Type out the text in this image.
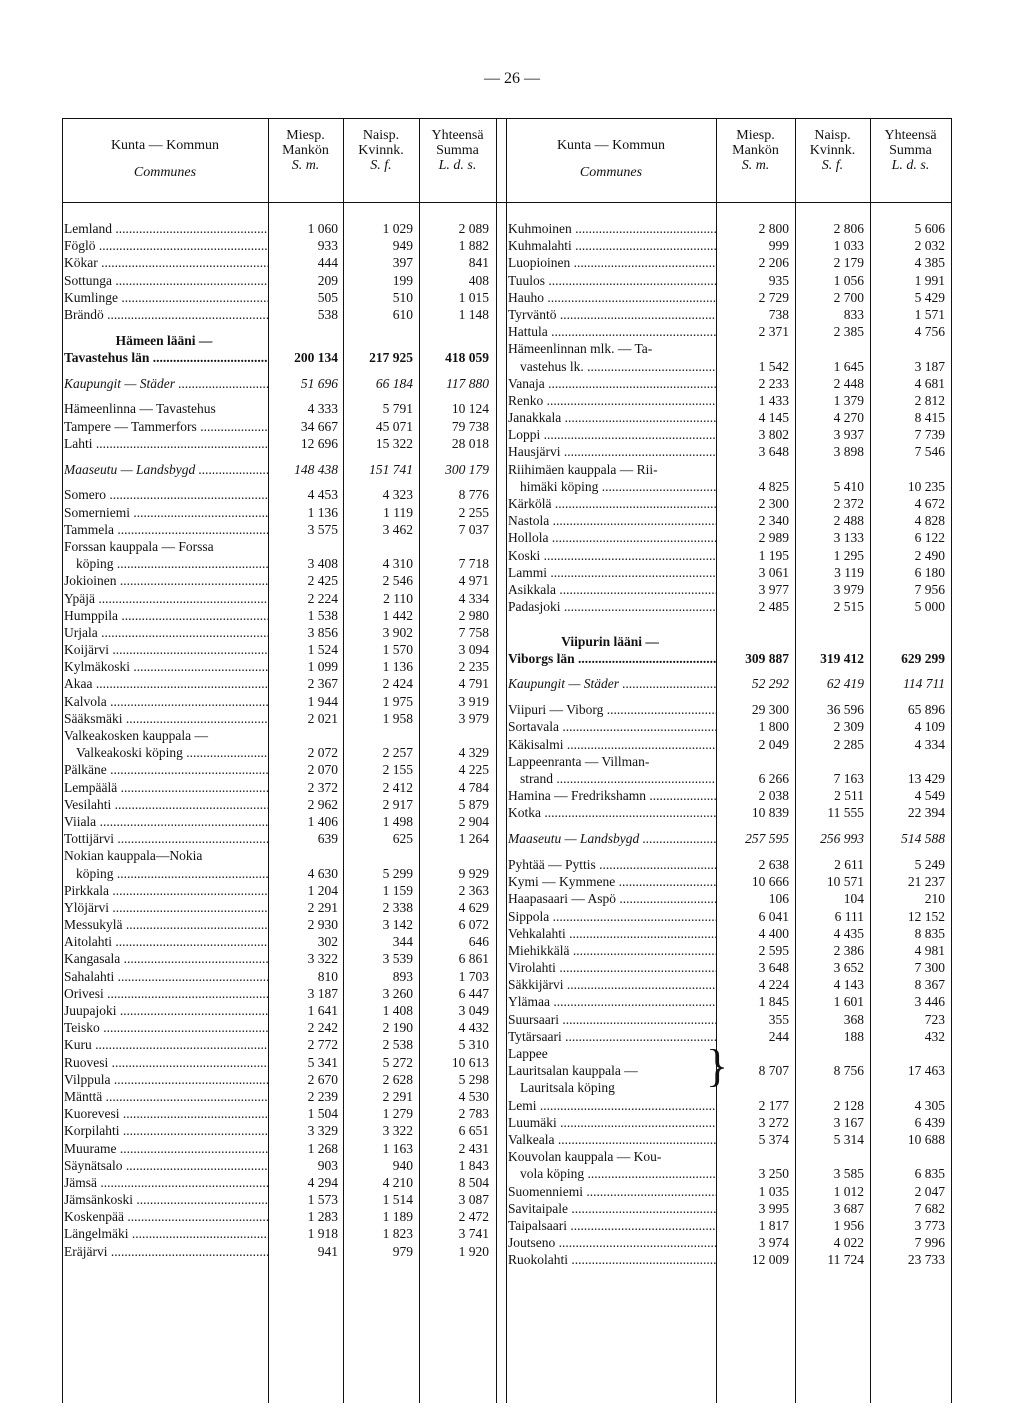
— 26 —
Kunta — Kommun
Communes
Miesp.
Mankön
S. m.
Naisp.
Kvinnk.
S. f.
Yhteensä
Summa
L. d. s.
Kunta — Kommun
Communes
Miesp.
Mankön
S. m.
Naisp.
Kvinnk.
S. f.
Yhteensä
Summa
L. d. s.
Lemland .....	1 060	1 029	2 089
Föglö .....	933	949	1 882
Kökar .....	444	397	841
Sottunga .....	209	199	408
Kumlinge .....	505	510	1 015
Brändö .....	538	610	1 148
Hämeen lääni —
Tavastehus län .....	200 134	217 925	418 059
Kaupungit — Städer .....	51 696	66 184	117 880
Hämeenlinna — Tavastehus	4 333	5 791	10 124
Tampere — Tammerfors .....	34 667	45 071	79 738
Lahti .....	12 696	15 322	28 018
Maaseutu — Landsbygd .....	148 438	151 741	300 179
Somero .....	4 453	4 323	8 776
Somerniemi .....	1 136	1 119	2 255
Tammela .....	3 575	3 462	7 037
Forssan kauppala — Forssa
köping .....	3 408	4 310	7 718
Jokioinen .....	2 425	2 546	4 971
Ypäjä .....	2 224	2 110	4 334
Humppila .....	1 538	1 442	2 980
Urjala .....	3 856	3 902	7 758
Koijärvi .....	1 524	1 570	3 094
Kylmäkoski .....	1 099	1 136	2 235
Akaa .....	2 367	2 424	4 791
Kalvola .....	1 944	1 975	3 919
Sääksmäki .....	2 021	1 958	3 979
Valkeakosken kauppala —
Valkeakoski köping .....	2 072	2 257	4 329
Pälkäne .....	2 070	2 155	4 225
Lempäälä .....	2 372	2 412	4 784
Vesilahti .....	2 962	2 917	5 879
Viiala .....	1 406	1 498	2 904
Tottijärvi .....	639	625	1 264
Nokian kauppala—Nokia
köping .....	4 630	5 299	9 929
Pirkkala .....	1 204	1 159	2 363
Ylöjärvi .....	2 291	2 338	4 629
Messukylä .....	2 930	3 142	6 072
Aitolahti .....	302	344	646
Kangasala .....	3 322	3 539	6 861
Sahalahti .....	810	893	1 703
Orivesi .....	3 187	3 260	6 447
Juupajoki .....	1 641	1 408	3 049
Teisko .....	2 242	2 190	4 432
Kuru .....	2 772	2 538	5 310
Ruovesi .....	5 341	5 272	10 613
Vilppula .....	2 670	2 628	5 298
Mänttä .....	2 239	2 291	4 530
Kuorevesi .....	1 504	1 279	2 783
Korpilahti .....	3 329	3 322	6 651
Muurame .....	1 268	1 163	2 431
Säynätsalo .....	903	940	1 843
Jämsä .....	4 294	4 210	8 504
Jämsänkoski .....	1 573	1 514	3 087
Koskenpää .....	1 283	1 189	2 472
Längelmäki .....	1 918	1 823	3 741
Eräjärvi .....	941	979	1 920
Kuhmoinen .....	2 800	2 806	5 606
Kuhmalahti .....	999	1 033	2 032
Luopioinen .....	2 206	2 179	4 385
Tuulos .....	935	1 056	1 991
Hauho .....	2 729	2 700	5 429
Tyrväntö .....	738	833	1 571
Hattula .....	2 371	2 385	4 756
Hämeenlinnan mlk. — Ta-
vastehus lk. .....	1 542	1 645	3 187
Vanaja .....	2 233	2 448	4 681
Renko .....	1 433	1 379	2 812
Janakkala .....	4 145	4 270	8 415
Loppi .....	3 802	3 937	7 739
Hausjärvi .....	3 648	3 898	7 546
Riihimäen kauppala — Rii-
himäki köping .....	4 825	5 410	10 235
Kärkölä .....	2 300	2 372	4 672
Nastola .....	2 340	2 488	4 828
Hollola .....	2 989	3 133	6 122
Koski .....	1 195	1 295	2 490
Lammi .....	3 061	3 119	6 180
Asikkala .....	3 977	3 979	7 956
Padasjoki .....	2 485	2 515	5 000
Viipurin lääni —
Viborgs län .....	309 887	319 412	629 299
Kaupungit — Städer .....	52 292	62 419	114 711
Viipuri — Viborg .....	29 300	36 596	65 896
Sortavala .....	1 800	2 309	4 109
Käkisalmi .....	2 049	2 285	4 334
Lappeenranta — Villman-
strand .....	6 266	7 163	13 429
Hamina — Fredrikshamn .....	2 038	2 511	4 549
Kotka .....	10 839	11 555	22 394
Maaseutu — Landsbygd .....	257 595	256 993	514 588
Pyhtää — Pyttis .....	2 638	2 611	5 249
Kymi — Kymmene .....	10 666	10 571	21 237
Haapasaari — Aspö .....	106	104	210
Sippola .....	6 041	6 111	12 152
Vehkalahti .....	4 400	4 435	8 835
Miehikkälä .....	2 595	2 386	4 981
Virolahti .....	3 648	3 652	7 300
Säkkijärvi .....	4 224	4 143	8 367
Ylämaa .....	1 845	1 601	3 446
Suursaari .....	355	368	723
Tytärsaari .....	244	188	432
Lappee	}
Lauritsalan kauppala —	8 707	8 756	17 463
Lauritsala köping
Lemi .....	2 177	2 128	4 305
Luumäki .....	3 272	3 167	6 439
Valkeala .....	5 374	5 314	10 688
Kouvolan kauppala — Kou-
vola köping .....	3 250	3 585	6 835
Suomenniemi .....	1 035	1 012	2 047
Savitaipale .....	3 995	3 687	7 682
Taipalsaari .....	1 817	1 956	3 773
Joutseno .....	3 974	4 022	7 996
Ruokolahti .....	12 009	11 724	23 733
